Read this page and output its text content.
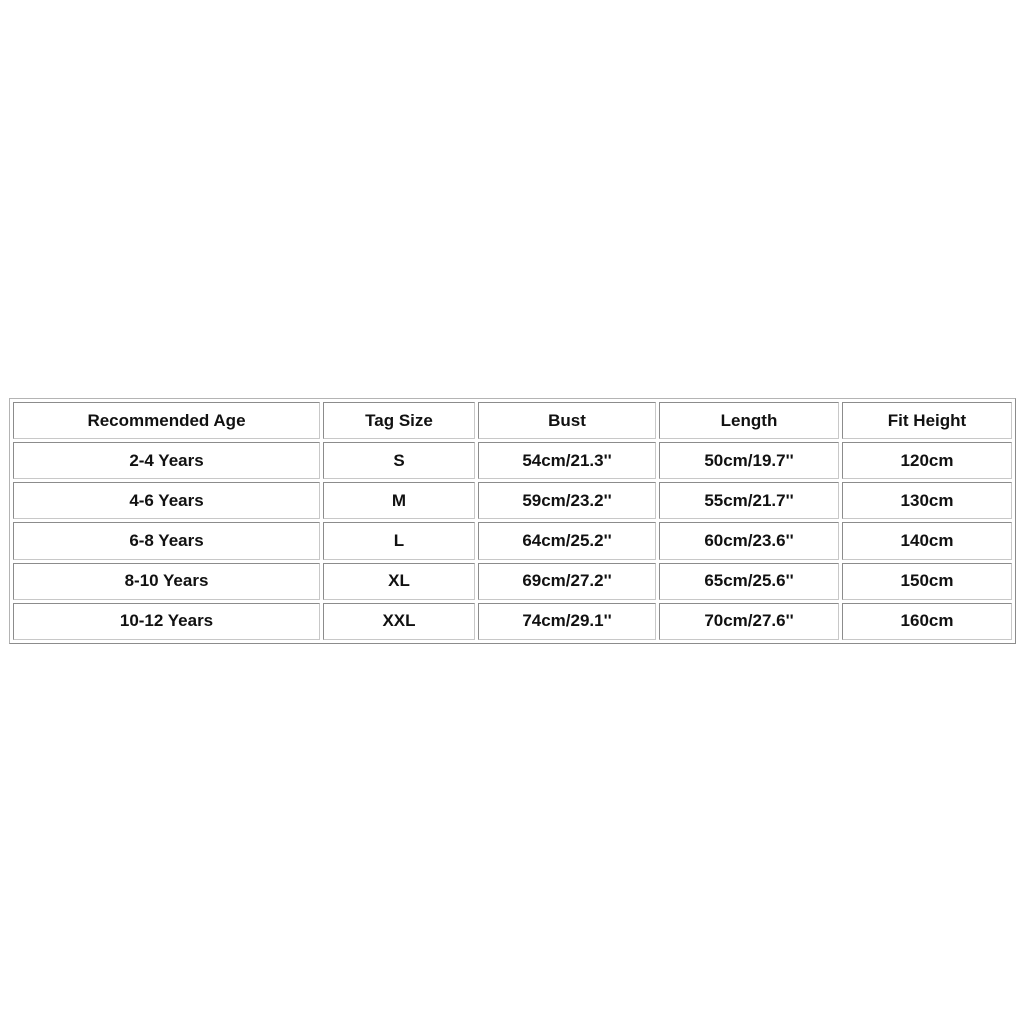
Recommended Age	Tag Size	Bust	Length	Fit Height
2-4 Years	S	54cm/21.3''	50cm/19.7''	120cm
4-6 Years	M	59cm/23.2''	55cm/21.7''	130cm
6-8 Years	L	64cm/25.2''	60cm/23.6''	140cm
8-10 Years	XL	69cm/27.2''	65cm/25.6''	150cm
10-12 Years	XXL	74cm/29.1''	70cm/27.6''	160cm
